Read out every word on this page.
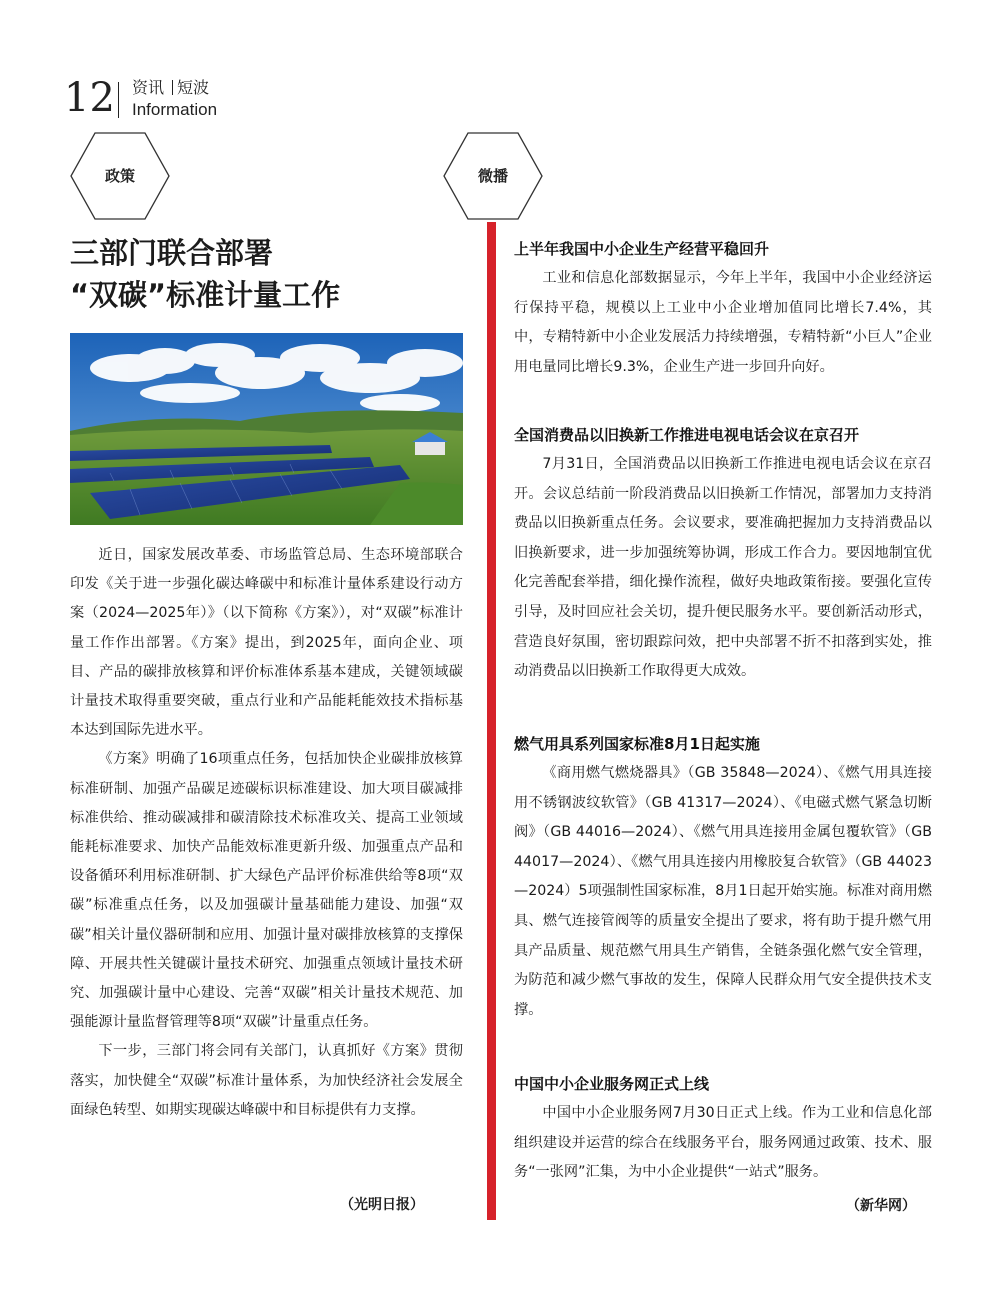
12 资讯 短波
Information
政策	微播
三部门联合部署
“双碳”标准计量工作

近日，国家发展改革委、市场监管总局、生态环境部联合印发《关于进一步强化碳达峰碳中和标准计量体系建设行动方案（2024—2025年）》（以下简称《方案》），对“双碳”标准计量工作作出部署。《方案》提出，到2025年，面向企业、项目、产品的碳排放核算和评价标准体系基本建成，关键领域碳计量技术取得重要突破，重点行业和产品能耗能效技术指标基本达到国际先进水平。

《方案》明确了16项重点任务，包括加快企业碳排放核算标准研制、加强产品碳足迹碳标识标准建设、加大项目碳减排标准供给、推动碳减排和碳清除技术标准攻关、提高工业领域能耗标准要求、加快产品能效标准更新升级、加强重点产品和设备循环利用标准研制、扩大绿色产品评价标准供给等8项“双碳”标准重点任务，以及加强碳计量基础能力建设、加强“双碳”相关计量仪器研制和应用、加强计量对碳排放核算的支撑保障、开展共性关键碳计量技术研究、加强重点领域计量技术研究、加强碳计量中心建设、完善“双碳”相关计量技术规范、加强能源计量监督管理等8项“双碳”计量重点任务。

下一步，三部门将会同有关部门，认真抓好《方案》贯彻落实，加快健全“双碳”标准计量体系，为加快经济社会发展全面绿色转型、如期实现碳达峰碳中和目标提供有力支撑。

（光明日报）
上半年我国中小企业生产经营平稳回升

工业和信息化部数据显示，今年上半年，我国中小企业经济运行保持平稳，规模以上工业中小企业增加值同比增长7.4%，其中，专精特新中小企业发展活力持续增强，专精特新“小巨人”企业用电量同比增长9.3%，企业生产进一步回升向好。

全国消费品以旧换新工作推进电视电话会议在京召开

7月31日，全国消费品以旧换新工作推进电视电话会议在京召开。会议总结前一阶段消费品以旧换新工作情况，部署加力支持消费品以旧换新重点任务。会议要求，要准确把握加力支持消费品以旧换新要求，进一步加强统筹协调，形成工作合力。要因地制宜优化完善配套举措，细化操作流程，做好央地政策衔接。要强化宣传引导，及时回应社会关切，提升便民服务水平。要创新活动形式，营造良好氛围，密切跟踪问效，把中央部署不折不扣落到实处，推动消费品以旧换新工作取得更大成效。

燃气用具系列国家标准8月1日起实施

《商用燃气燃烧器具》（GB 35848—2024）、《燃气用具连接用不锈钢波纹软管》（GB 41317—2024）、《电磁式燃气紧急切断阀》（GB 44016—2024）、《燃气用具连接用金属包覆软管》（GB 44017—2024）、《燃气用具连接内用橡胶复合软管》（GB 44023—2024）5项强制性国家标准，8月1日起开始实施。标准对商用燃具、燃气连接管阀等的质量安全提出了要求，将有助于提升燃气用具产品质量、规范燃气用具生产销售，全链条强化燃气安全管理，为防范和减少燃气事故的发生，保障人民群众用气安全提供技术支撑。

中国中小企业服务网正式上线

中国中小企业服务网7月30日正式上线。作为工业和信息化部组织建设并运营的综合在线服务平台，服务网通过政策、技术、服务“一张网”汇集，为中小企业提供“一站式”服务。

（新华网）
